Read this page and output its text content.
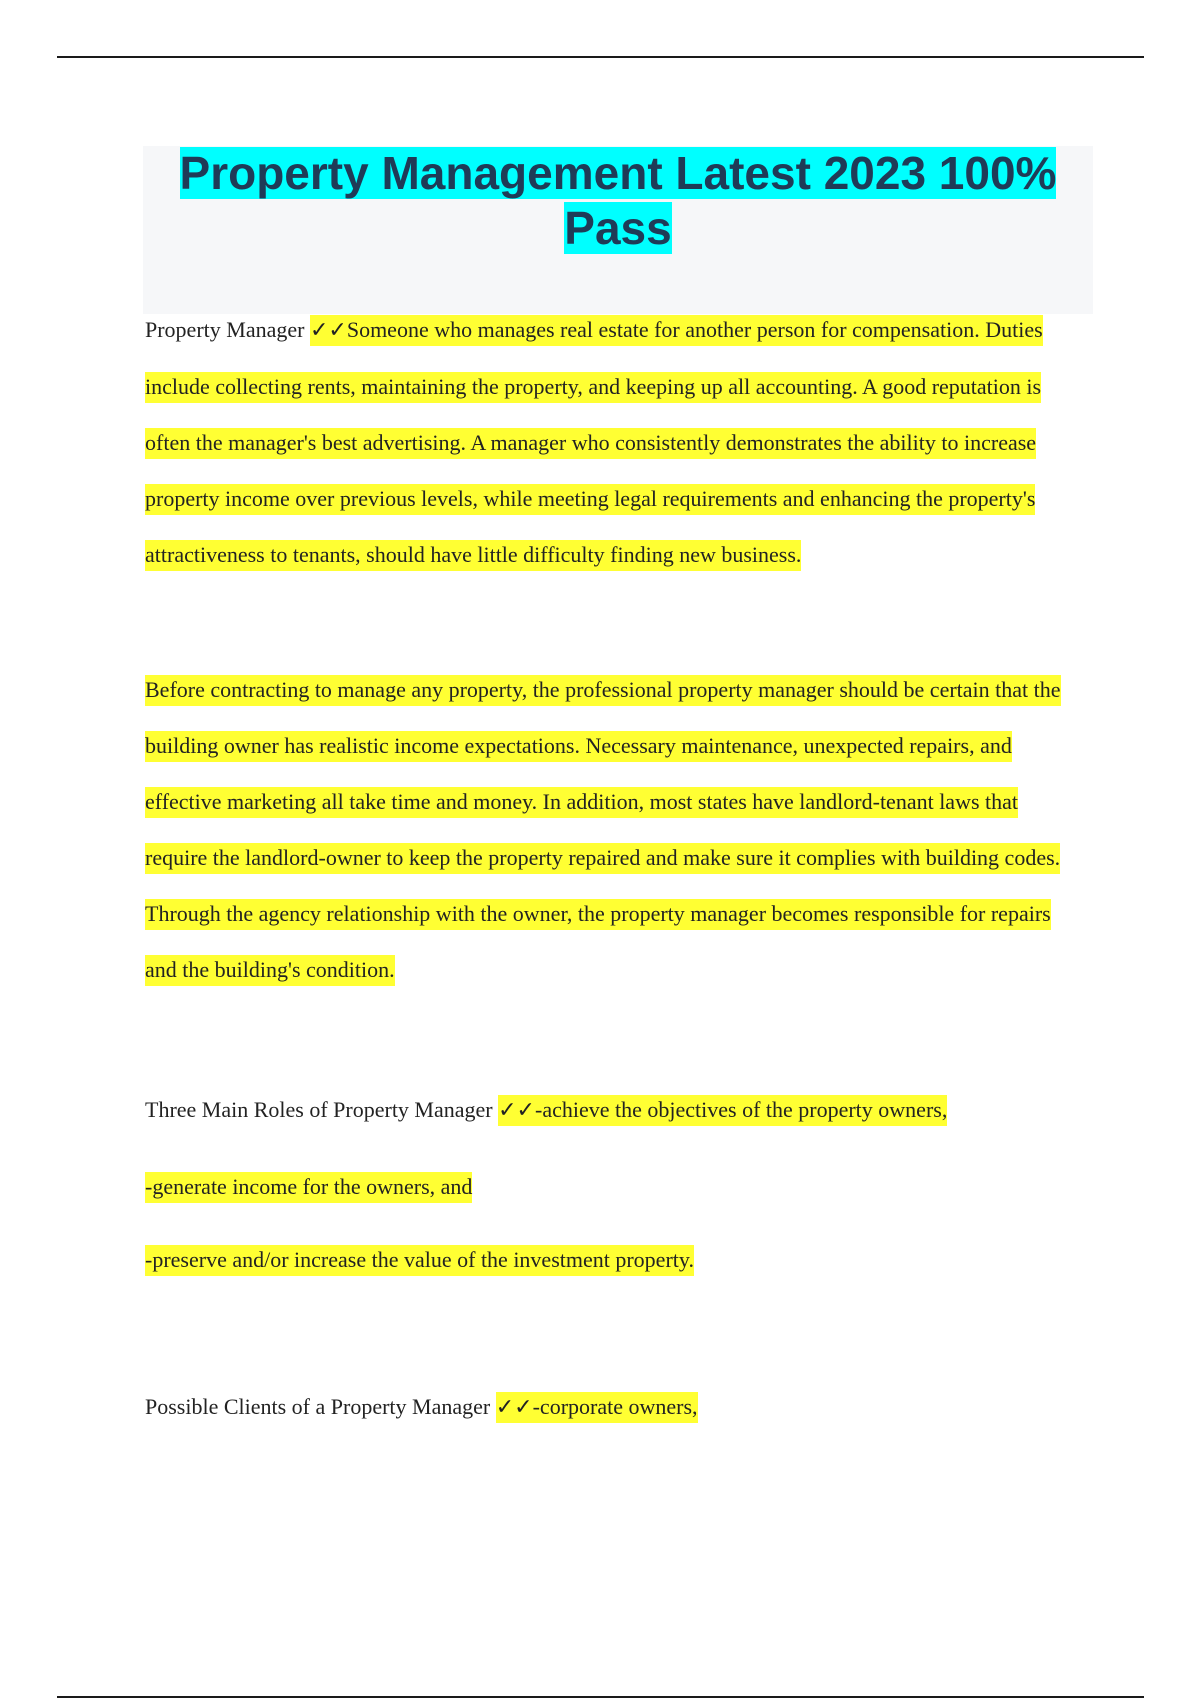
Property Management Latest 2023 100%
Pass

Property Manager ✓✓Someone who manages real estate for another person for compensation. Duties include collecting rents, maintaining the property, and keeping up all accounting. A good reputation is often the manager's best advertising. A manager who consistently demonstrates the ability to increase property income over previous levels, while meeting legal requirements and enhancing the property's attractiveness to tenants, should have little difficulty finding new business.

Before contracting to manage any property, the professional property manager should be certain that the building owner has realistic income expectations. Necessary maintenance, unexpected repairs, and effective marketing all take time and money. In addition, most states have landlord-tenant laws that require the landlord-owner to keep the property repaired and make sure it complies with building codes. Through the agency relationship with the owner, the property manager becomes responsible for repairs and the building's condition.

Three Main Roles of Property Manager ✓✓-achieve the objectives of the property owners,

-generate income for the owners, and

-preserve and/or increase the value of the investment property.

Possible Clients of a Property Manager ✓✓-corporate owners,
